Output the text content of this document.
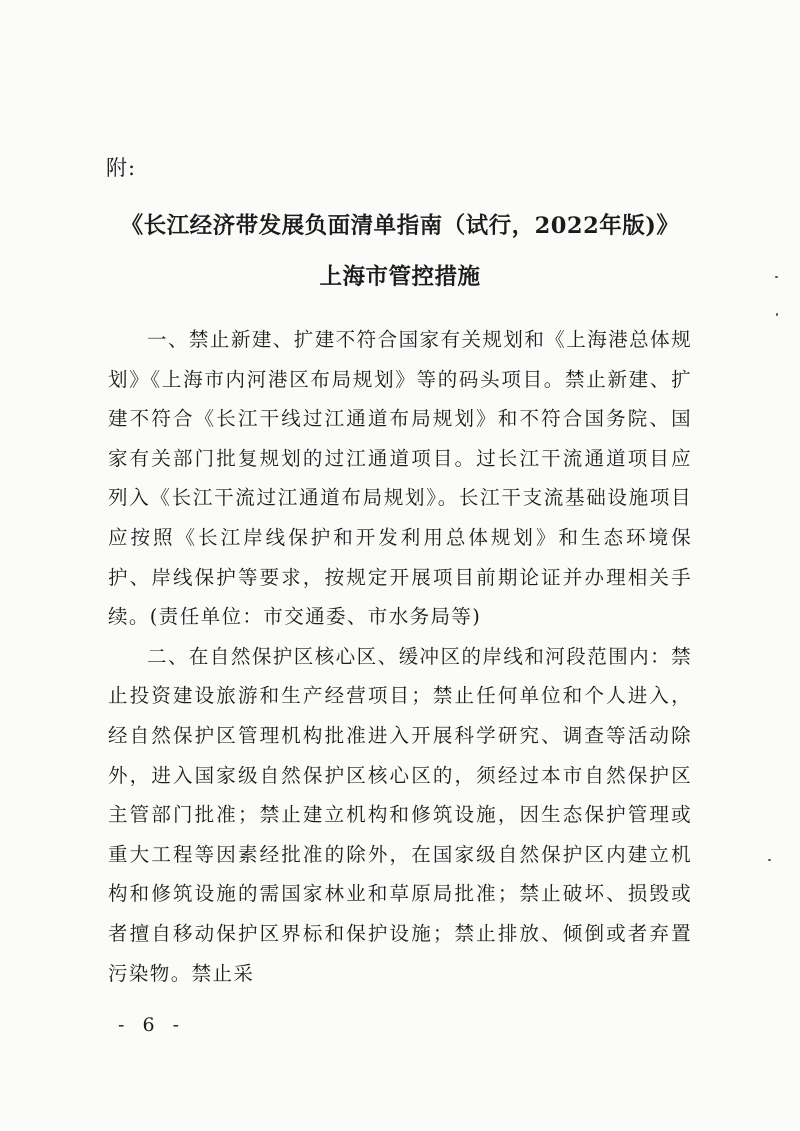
附:
《长江经济带发展负面清单指南（试行，2022年版)》
上海市管控措施

一、禁止新建、扩建不符合国家有关规划和《上海港总体规划》《上海市内河港区布局规划》等的码头项目。禁止新建、扩建不符合《长江干线过江通道布局规划》和不符合国务院、国家有关部门批复规划的过江通道项目。过长江干流通道项目应列入《长江干流过江通道布局规划》。长江干支流基础设施项目应按照《长江岸线保护和开发利用总体规划》和生态环境保护、岸线保护等要求，按规定开展项目前期论证并办理相关手续。(责任单位：市交通委、市水务局等)

二、在自然保护区核心区、缓冲区的岸线和河段范围内：禁止投资建设旅游和生产经营项目；禁止任何单位和个人进入，经自然保护区管理机构批准进入开展科学研究、调查等活动除外，进入国家级自然保护区核心区的，须经过本市自然保护区主管部门批准；禁止建立机构和修筑设施，因生态保护管理或重大工程等因素经批准的除外，在国家级自然保护区内建立机构和修筑设施的需国家林业和草原局批准；禁止破坏、损毁或者擅自移动保护区界标和保护设施；禁止排放、倾倒或者弃置污染物。禁止采

- 6 -
